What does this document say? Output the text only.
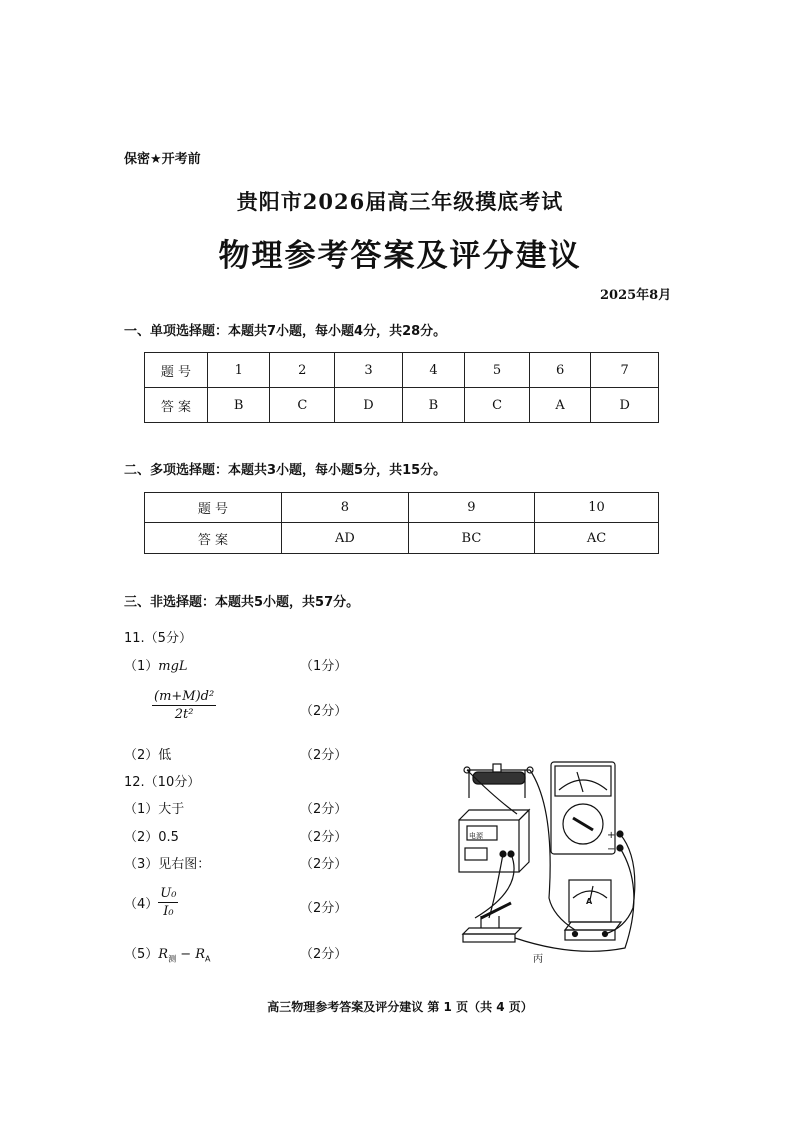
保密★开考前
贵阳市2026届高三年级摸底考试
物理参考答案及评分建议
2025年8月
一、单项选择题：本题共7小题，每小题4分，共28分。
题 号	1	2	3	4	5	6	7
答 案	B	C	D	B	C	A	D
二、多项选择题：本题共3小题，每小题5分，共15分。
题 号	8	9	10
答 案	AD	BC	AC
三、非选择题：本题共5小题，共57分。
11.（5分）
（1）mgL	（1分）
$\frac{\text{(m+M)d²}}{\text{2t²}}$	（2分）
（2）低	（2分）
12.（10分）
（1）大于	（2分）
（2）0.5	（2分）
（3）见右图：	（2分）
$(4) \frac{\text{U₀}}{\text{I₀}}$	（2分）
$(5)R_测 - R_A$	（2分）
+
−
电源
A
丙
高三物理参考答案及评分建议 第 1 页（共 4 页）
